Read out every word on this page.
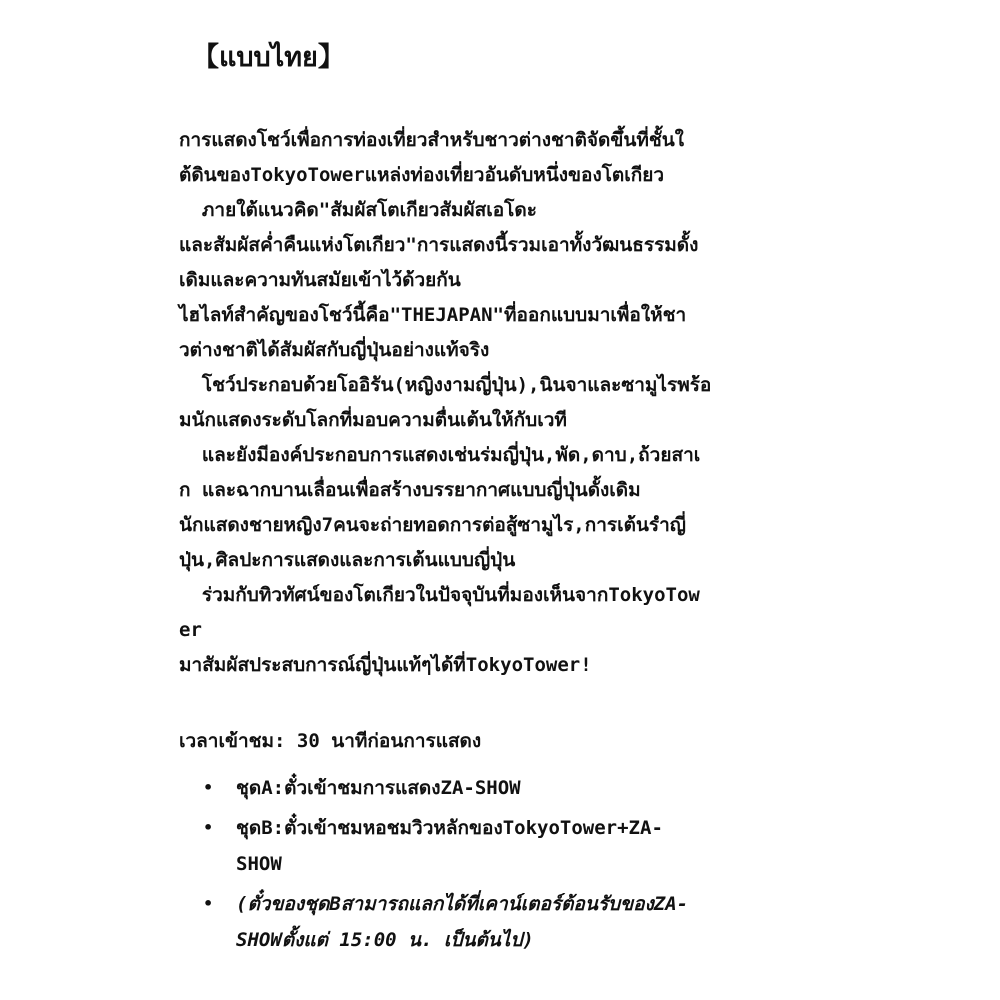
【แบบไทย】
การแสดงโชว์เพื่อการท่องเที่ยวสำหรับชาวต่างชาติจัดขึ้นที่ชั้นใ
ต้ดินของTokyoTowerแหล่งท่องเที่ยวอันดับหนึ่งของโตเกียว
ภายใต้แนวคิด"สัมผัสโตเกียวสัมผัสเอโดะ
และสัมผัสค่ำคืนแห่งโตเกียว"การแสดงนี้รวมเอาทั้งวัฒนธรรมดั้ง
เดิมและความทันสมัยเข้าไว้ด้วยกัน
ไฮไลท์สำคัญของโชว์นี้คือ"THEJAPAN"ที่ออกแบบมาเพื่อให้ชา
วต่างชาติได้สัมผัสกับญี่ปุ่นอย่างแท้จริง
โชว์ประกอบด้วยโออิรัน(หญิงงามญี่ปุ่น),นินจาและซามูไรพร้อ
มนักแสดงระดับโลกที่มอบความตื่นเต้นให้กับเวที
และยังมีองค์ประกอบการแสดงเช่นร่มญี่ปุ่น,พัด,ดาบ,ถ้วยสาเ
ก และฉากบานเลื่อนเพื่อสร้างบรรยากาศแบบญี่ปุ่นดั้งเดิม
นักแสดงชายหญิง7คนจะถ่ายทอดการต่อสู้ซามูไร,การเต้นรำญี่
ปุ่น,ศิลปะการแสดงและการเต้นแบบญี่ปุ่น
ร่วมกับทิวทัศน์ของโตเกียวในปัจจุบันที่มองเห็นจากTokyoTow
er
มาสัมผัสประสบการณ์ญี่ปุ่นแท้ๆได้ที่TokyoTower!
เวลาเข้าชม: 30 นาทีก่อนการแสดง
• ชุดA:ตั๋วเข้าชมการแสดงZA-SHOW
• ชุดB:ตั๋วเข้าชมหอชมวิวหลักของTokyoTower+ZA-
SHOW
• (ตั๋วของชุดBสามารถแลกได้ที่เคาน์เตอร์ต้อนรับของZA-
SHOWตั้งแต่ 15:00 น. เป็นต้นไป)
